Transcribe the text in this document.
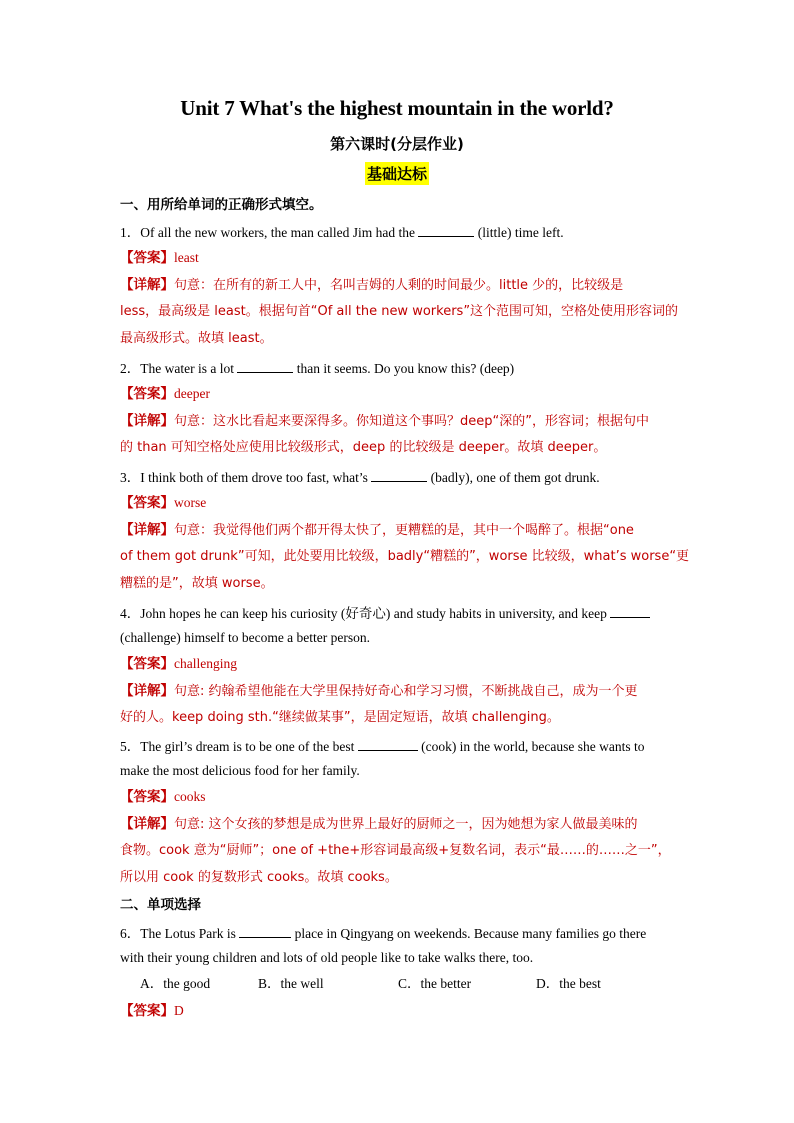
Unit 7 What's the highest mountain in the world?
第六课时(分层作业)
基础达标
一、用所给单词的正确形式填空。
1．Of all the new workers, the man called Jim had the	(little) time left.
【答案】least
【详解】句意：在所有的新工人中，名叫吉姆的人剩的时间最少。little 少的，比较级是
less，最高级是 least。根据句首“Of all the new workers”这个范围可知，空格处使用形容词的
最高级形式。故填 least。
2．The water is a lot	than it seems. Do you know this? (deep)
【答案】deeper
【详解】句意：这水比看起来要深得多。你知道这个事吗？deep“深的”，形容词；根据句中
的 than 可知空格处应使用比较级形式，deep 的比较级是 deeper。故填 deeper。
3．I think both of them drove too fast, what’s	(badly), one of them got drunk.
【答案】worse
【详解】句意：我觉得他们两个都开得太快了，更糟糕的是，其中一个喝醉了。根据“one
of them got drunk”可知，此处要用比较级，badly“糟糕的”，worse 比较级，what’s worse“更
糟糕的是”，故填 worse。
4．John hopes he can keep his curiosity (好奇心) and study habits in university, and keep
(challenge) himself to become a better person.
【答案】challenging
【详解】句意: 约翰希望他能在大学里保持好奇心和学习习惯，不断挑战自己，成为一个更
好的人。keep doing sth.“继续做某事”，是固定短语，故填 challenging。
5．The girl’s dream is to be one of the best	(cook) in the world, because she wants to
make the most delicious food for her family.
【答案】cooks
【详解】句意: 这个女孩的梦想是成为世界上最好的厨师之一，因为她想为家人做最美味的
食物。cook 意为“厨师”；one of +the+形容词最高级+复数名词，表示“最……的……之一”，
所以用 cook 的复数形式 cooks。故填 cooks。
二、单项选择
6．The Lotus Park is	place in Qingyang on weekends. Because many families go there
with their young children and lots of old people like to take walks there, too.
A．the good	B．the well	C．the better	D．the best
【答案】D
